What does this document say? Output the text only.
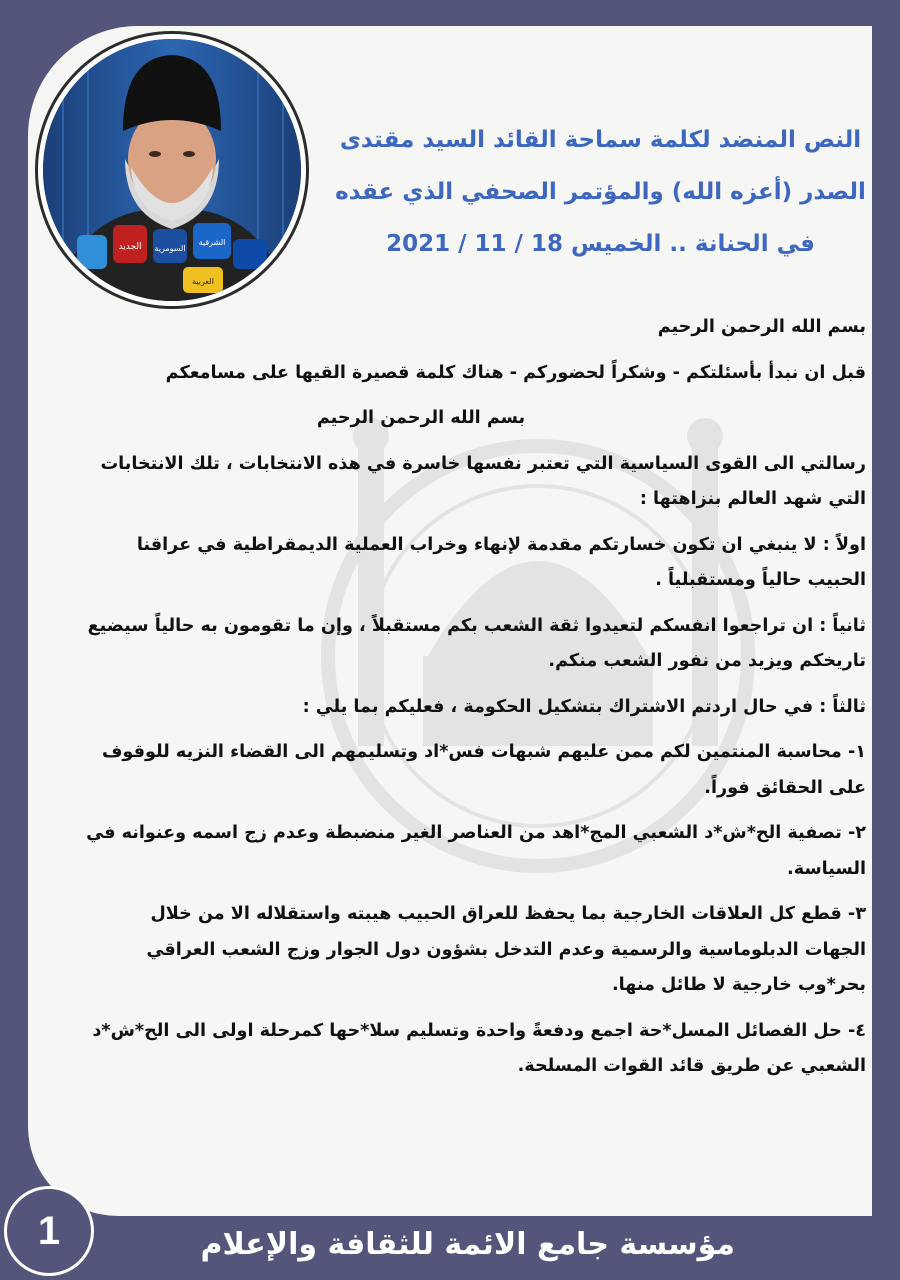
الجديد السومرية
الشرقية
العربية
النص المنضد لكلمة سماحة القائد السيد مقتدى
الصدر (أعزه الله) والمؤتمر الصحفي الذي عقده
في الحنانة .. الخميس 18 / 11 / 2021

بسم الله الرحمن الرحيم

قبل ان نبدأ بأسئلتكم - وشكراً لحضوركم - هناك كلمة قصيرة القيها على مسامعكم

بسم الله الرحمن الرحيم

رسالتي الى القوى السياسية التي تعتبر نفسها خاسرة في هذه الانتخابات ، تلك الانتخابات التي شهد العالم بنزاهتها :

اولاً : لا ينبغي ان تكون خسارتكم مقدمة لإنهاء وخراب العملية الديمقراطية في عراقنا الحبيب حالياً ومستقبلياً .

ثانياً : ان تراجعوا انفسكم لتعيدوا ثقة الشعب بكم مستقبلاً ، وإن ما تقومون به حالياً سيضيع تاريخكم ويزيد من نفور الشعب منكم.

ثالثاً : في حال اردتم الاشتراك بتشكيل الحكومة ، فعليكم بما يلي :

١- محاسبة المنتمين لكم ممن عليهم شبهات فس*اد وتسليمهم الى القضاء النزيه للوقوف على الحقائق فوراً.

٢- تصفية الح*ش*د الشعبي المج*اهد من العناصر الغير منضبطة وعدم زج اسمه وعنوانه في السياسة.

٣- قطع كل العلاقات الخارجية بما يحفظ للعراق الحبيب هيبته واستقلاله الا من خلال الجهات الدبلوماسية والرسمية وعدم التدخل بشؤون دول الجوار وزج الشعب العراقي بحر*وب خارجية لا طائل منها.

٤- حل الفصائل المسل*حة اجمع ودفعةً واحدة وتسليم سلا*حها كمرحلة اولى الى الح*ش*د الشعبي عن طريق قائد القوات المسلحة.

1	مؤسسة جامع الائمة للثقافة والإعلام
